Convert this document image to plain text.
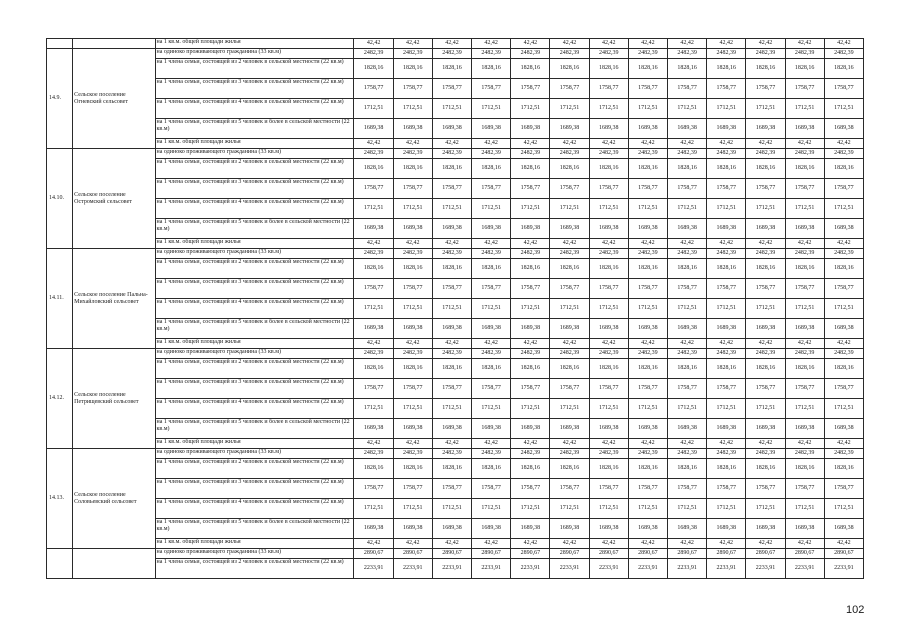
		на 1 кв.м. общей площади жилья	42,42	42,42	42,42	42,42	42,42	42,42	42,42	42,42	42,42	42,42	42,42	42,42	42,42
14.9.	Сельское поселение Огневский сельсовет	на одиноко проживающего гражданина (33 кв.м)	2482,39	2482,39	2482,39	2482,39	2482,39	2482,39	2482,39	2482,39	2482,39	2482,39	2482,39	2482,39	2482,39
		на 1 члена семьи, состоящей из 2 человек в сельской местности (22 кв.м)	1828,16	1828,16	1828,16	1828,16	1828,16	1828,16	1828,16	1828,16	1828,16	1828,16	1828,16	1828,16	1828,16
		на 1 члена семьи, состоящей из 3 человек в сельской местности (22 кв.м)	1758,77	1758,77	1758,77	1758,77	1758,77	1758,77	1758,77	1758,77	1758,77	1758,77	1758,77	1758,77	1758,77
		на 1 члена семьи, состоящей из 4 человек в сельской местности (22 кв.м)	1712,51	1712,51	1712,51	1712,51	1712,51	1712,51	1712,51	1712,51	1712,51	1712,51	1712,51	1712,51	1712,51
		на 1 члена семьи, состоящей из 5 человек и более в сельской местности (22 кв.м)	1689,38	1689,38	1689,38	1689,38	1689,38	1689,38	1689,38	1689,38	1689,38	1689,38	1689,38	1689,38	1689,38
		на 1 кв.м. общей площади жилья	42,42	42,42	42,42	42,42	42,42	42,42	42,42	42,42	42,42	42,42	42,42	42,42	42,42
14.10.	Сельское поселение Остромский сельсовет	на одиноко проживающего гражданина (33 кв.м)	2482,39	2482,39	2482,39	2482,39	2482,39	2482,39	2482,39	2482,39	2482,39	2482,39	2482,39	2482,39	2482,39
		на 1 члена семьи, состоящей из 2 человек в сельской местности (22 кв.м)	1828,16	1828,16	1828,16	1828,16	1828,16	1828,16	1828,16	1828,16	1828,16	1828,16	1828,16	1828,16	1828,16
		на 1 члена семьи, состоящей из 3 человек в сельской местности (22 кв.м)	1758,77	1758,77	1758,77	1758,77	1758,77	1758,77	1758,77	1758,77	1758,77	1758,77	1758,77	1758,77	1758,77
		на 1 члена семьи, состоящей из 4 человек в сельской местности (22 кв.м)	1712,51	1712,51	1712,51	1712,51	1712,51	1712,51	1712,51	1712,51	1712,51	1712,51	1712,51	1712,51	1712,51
		на 1 члена семьи, состоящей из 5 человек и более в сельской местности (22 кв.м)	1689,38	1689,38	1689,38	1689,38	1689,38	1689,38	1689,38	1689,38	1689,38	1689,38	1689,38	1689,38	1689,38
		на 1 кв.м. общей площади жилья	42,42	42,42	42,42	42,42	42,42	42,42	42,42	42,42	42,42	42,42	42,42	42,42	42,42
14.11.	Сельское поселение Пальна-Михайловский сельсовет	на одиноко проживающего гражданина (33 кв.м)	2482,39	2482,39	2482,39	2482,39	2482,39	2482,39	2482,39	2482,39	2482,39	2482,39	2482,39	2482,39	2482,39
		на 1 члена семьи, состоящей из 2 человек в сельской местности (22 кв.м)	1828,16	1828,16	1828,16	1828,16	1828,16	1828,16	1828,16	1828,16	1828,16	1828,16	1828,16	1828,16	1828,16
		на 1 члена семьи, состоящей из 3 человек в сельской местности (22 кв.м)	1758,77	1758,77	1758,77	1758,77	1758,77	1758,77	1758,77	1758,77	1758,77	1758,77	1758,77	1758,77	1758,77
		на 1 члена семьи, состоящей из 4 человек в сельской местности (22 кв.м)	1712,51	1712,51	1712,51	1712,51	1712,51	1712,51	1712,51	1712,51	1712,51	1712,51	1712,51	1712,51	1712,51
		на 1 члена семьи, состоящей из 5 человек и более в сельской местности (22 кв.м)	1689,38	1689,38	1689,38	1689,38	1689,38	1689,38	1689,38	1689,38	1689,38	1689,38	1689,38	1689,38	1689,38
		на 1 кв.м. общей площади жилья	42,42	42,42	42,42	42,42	42,42	42,42	42,42	42,42	42,42	42,42	42,42	42,42	42,42
14.12.	Сельское поселение Петрищевский сельсовет	на одиноко проживающего гражданина (33 кв.м)	2482,39	2482,39	2482,39	2482,39	2482,39	2482,39	2482,39	2482,39	2482,39	2482,39	2482,39	2482,39	2482,39
		на 1 члена семьи, состоящей из 2 человек в сельской местности (22 кв.м)	1828,16	1828,16	1828,16	1828,16	1828,16	1828,16	1828,16	1828,16	1828,16	1828,16	1828,16	1828,16	1828,16
		на 1 члена семьи, состоящей из 3 человек в сельской местности (22 кв.м)	1758,77	1758,77	1758,77	1758,77	1758,77	1758,77	1758,77	1758,77	1758,77	1758,77	1758,77	1758,77	1758,77
		на 1 члена семьи, состоящей из 4 человек в сельской местности (22 кв.м)	1712,51	1712,51	1712,51	1712,51	1712,51	1712,51	1712,51	1712,51	1712,51	1712,51	1712,51	1712,51	1712,51
		на 1 члена семьи, состоящей из 5 человек и более в сельской местности (22 кв.м)	1689,38	1689,38	1689,38	1689,38	1689,38	1689,38	1689,38	1689,38	1689,38	1689,38	1689,38	1689,38	1689,38
		на 1 кв.м. общей площади жилья	42,42	42,42	42,42	42,42	42,42	42,42	42,42	42,42	42,42	42,42	42,42	42,42	42,42
14.13.	Сельское поселение Соловьевский сельсовет	на одиноко проживающего гражданина (33 кв.м)	2482,39	2482,39	2482,39	2482,39	2482,39	2482,39	2482,39	2482,39	2482,39	2482,39	2482,39	2482,39	2482,39
		на 1 члена семьи, состоящей из 2 человек в сельской местности (22 кв.м)	1828,16	1828,16	1828,16	1828,16	1828,16	1828,16	1828,16	1828,16	1828,16	1828,16	1828,16	1828,16	1828,16
		на 1 члена семьи, состоящей из 3 человек в сельской местности (22 кв.м)	1758,77	1758,77	1758,77	1758,77	1758,77	1758,77	1758,77	1758,77	1758,77	1758,77	1758,77	1758,77	1758,77
		на 1 члена семьи, состоящей из 4 человек в сельской местности (22 кв.м)	1712,51	1712,51	1712,51	1712,51	1712,51	1712,51	1712,51	1712,51	1712,51	1712,51	1712,51	1712,51	1712,51
		на 1 члена семьи, состоящей из 5 человек и более в сельской местности (22 кв.м)	1689,38	1689,38	1689,38	1689,38	1689,38	1689,38	1689,38	1689,38	1689,38	1689,38	1689,38	1689,38	1689,38
		на 1 кв.м. общей площади жилья	42,42	42,42	42,42	42,42	42,42	42,42	42,42	42,42	42,42	42,42	42,42	42,42	42,42
		на одиноко проживающего гражданина (33 кв.м)	2890,67	2890,67	2890,67	2890,67	2890,67	2890,67	2890,67	2890,67	2890,67	2890,67	2890,67	2890,67	2890,67
		на 1 члена семьи, состоящей из 2 человек в сельской местности (22 кв.м)	2233,91	2233,91	2233,91	2233,91	2233,91	2233,91	2233,91	2233,91	2233,91	2233,91	2233,91	2233,91	2233,91
102
